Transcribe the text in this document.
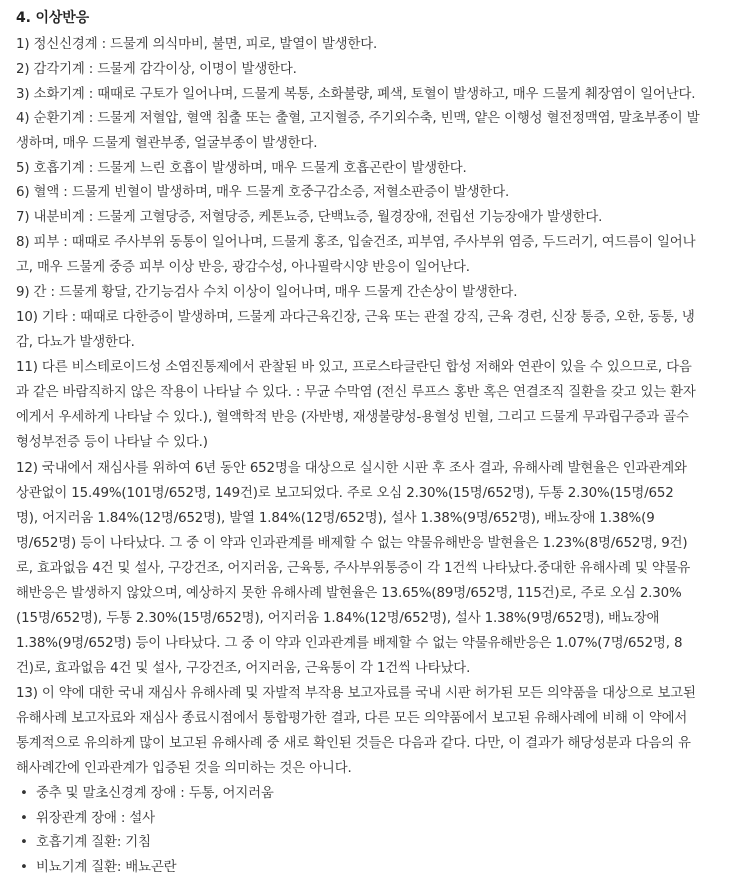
4. 이상반응
1) 정신신경계 : 드물게 의식마비, 불면, 피로, 발열이 발생한다.
2) 감각기계 : 드물게 감각이상, 이명이 발생한다.
3) 소화기계 : 때때로 구토가 일어나며, 드물게 복통, 소화불량, 폐색, 토혈이 발생하고, 매우 드물게 췌장염이 일어난다.
4) 순환기계 : 드물게 저혈압, 혈액 침출 또는 출혈, 고지혈증, 주기외수축, 빈맥, 얕은 이행성 혈전정맥염, 말초부종이 발
생하며, 매우 드물게 혈관부종, 얼굴부종이 발생한다.
5) 호흡기계 : 드물게 느린 호흡이 발생하며, 매우 드물게 호흡곤란이 발생한다.
6) 혈액 : 드물게 빈혈이 발생하며, 매우 드물게 호중구감소증, 저혈소판증이 발생한다.
7) 내분비계 : 드물게 고혈당증, 저혈당증, 케톤뇨증, 단백뇨증, 월경장애, 전립선 기능장애가 발생한다.
8) 피부 : 때때로 주사부위 동통이 일어나며, 드물게 홍조, 입술건조, 피부염, 주사부위 염증, 두드러기, 여드름이 일어나
고, 매우 드물게 중증 피부 이상 반응, 광감수성, 아나필락시양 반응이 일어난다.
9) 간 : 드물게 황달, 간기능검사 수치 이상이 일어나며, 매우 드물게 간손상이 발생한다.
10) 기타 : 때때로 다한증이 발생하며, 드물게 과다근육긴장, 근육 또는 관절 강직, 근육 경련, 신장 통증, 오한, 동통, 냉
감, 다뇨가 발생한다.
11) 다른 비스테로이드성 소염진통제에서 관찰된 바 있고, 프로스타글란딘 합성 저해와 연관이 있을 수 있으므로, 다음
과 같은 바람직하지 않은 작용이 나타날 수 있다. : 무균 수막염 (전신 루프스 홍반 혹은 연결조직 질환을 갖고 있는 환자
에게서 우세하게 나타날 수 있다.), 혈액학적 반응 (자반병, 재생불량성-용혈성 빈혈, 그리고 드물게 무과립구증과 골수
형성부전증 등이 나타날 수 있다.)
12) 국내에서 재심사를 위하여 6년 동안 652명을 대상으로 실시한 시판 후 조사 결과, 유해사례 발현율은 인과관계와
상관없이 15.49%(101명/652명, 149건)로 보고되었다. 주로 오심 2.30%(15명/652명), 두통 2.30%(15명/652
명), 어지러움 1.84%(12명/652명), 발열 1.84%(12명/652명), 설사 1.38%(9명/652명), 배뇨장애 1.38%(9
명/652명) 등이 나타났다. 그 중 이 약과 인과관계를 배제할 수 없는 약물유해반응 발현율은 1.23%(8명/652명, 9건)
로, 효과없음 4건 및 설사, 구강건조, 어지러움, 근육통, 주사부위통증이 각 1건씩 나타났다.중대한 유해사례 및 약물유
해반응은 발생하지 않았으며, 예상하지 못한 유해사례 발현율은 13.65%(89명/652명, 115건)로, 주로 오심 2.30%
(15명/652명), 두통 2.30%(15명/652명), 어지러움 1.84%(12명/652명), 설사 1.38%(9명/652명), 배뇨장애
1.38%(9명/652명) 등이 나타났다. 그 중 이 약과 인과관계를 배제할 수 없는 약물유해반응은 1.07%(7명/652명, 8
건)로, 효과없음 4건 및 설사, 구강건조, 어지러움, 근육통이 각 1건씩 나타났다.
13) 이 약에 대한 국내 재심사 유해사례 및 자발적 부작용 보고자료를 국내 시판 허가된 모든 의약품을 대상으로 보고된
유해사례 보고자료와 재심사 종료시점에서 통합평가한 결과, 다른 모든 의약품에서 보고된 유해사례에 비해 이 약에서
통계적으로 유의하게 많이 보고된 유해사례 중 새로 확인된 것들은 다음과 같다. 다만, 이 결과가 해당성분과 다음의 유
해사례간에 인과관계가 입증된 것을 의미하는 것은 아니다.
• 중추 및 말초신경계 장애 : 두통, 어지러움
• 위장관계 장애 : 설사
• 호흡기계 질환: 기침
• 비뇨기계 질환: 배뇨곤란
